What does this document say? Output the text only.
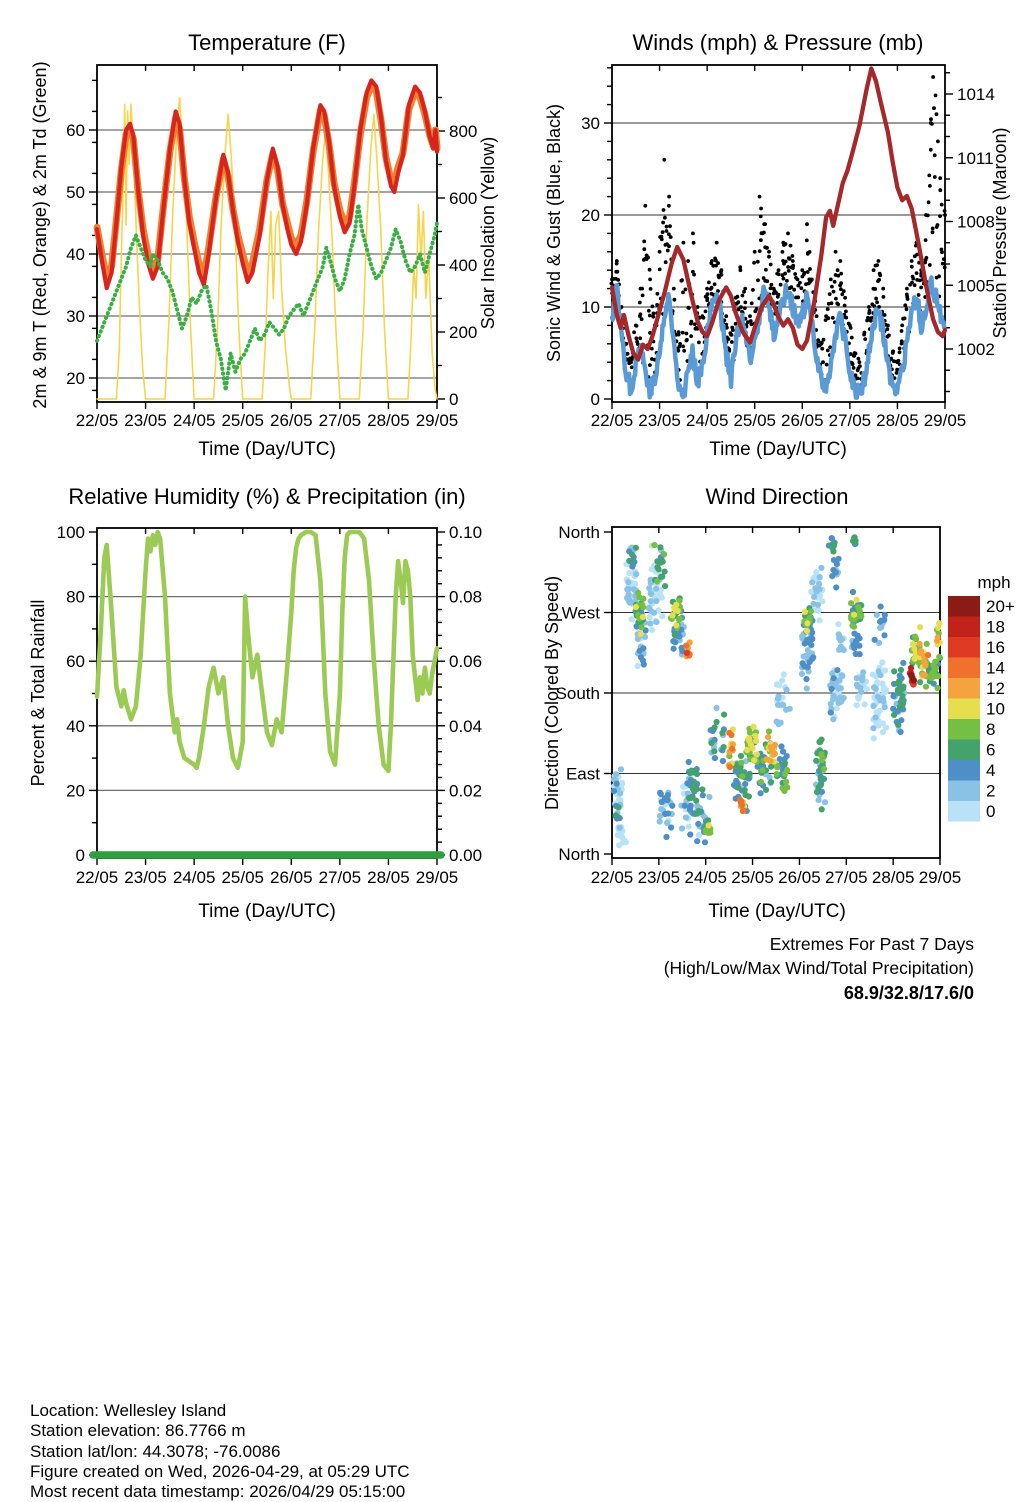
Temperature (F)
2m & 9m T (Red, Orange) & 2m Td (Green)	Solar Insolation (Yellow)
Time (Day/UTC)
22/05 23/05 24/05 25/05 26/05 27/05 28/05 29/05
20
30
40
50
60
0
200
400
600
800
Winds (mph) & Pressure (mb)
Sonic Wind & Gust (Blue, Black)	Station Pressure (Maroon)
Time (Day/UTC)
22/05 23/05 24/05 25/05 26/05 27/05 28/05 29/05
0
10
20
30
1002
1005
1008
1011
1014
Relative Humidity (%) & Precipitation (in)
Percent & Total Rainfall
Time (Day/UTC)
22/05 23/05 24/05 25/05 26/05 27/05 28/05 29/05
0
20
40
60
80
100
0.00
0.02
0.04
0.06
0.08
0.10
Location: Wellesley Island
Station elevation: 86.7766 m
Station lat/lon: 44.3078; -76.0086
Figure created on Wed, 2026-04-29, at 05:29 UTC
Most recent data timestamp: 2026/04/29 05:15:00
Wind Direction
Direction (Colored By Speed)
Time (Day/UTC)
22/05 23/05 24/05 25/05 26/05 27/05 28/05 29/05
North
West
South
East
North
mph
20+
18
16
14
12
10
8
6
4
2
0
Extremes For Past 7 Days
(High/Low/Max Wind/Total Precipitation)
68.9/32.8/17.6/0
